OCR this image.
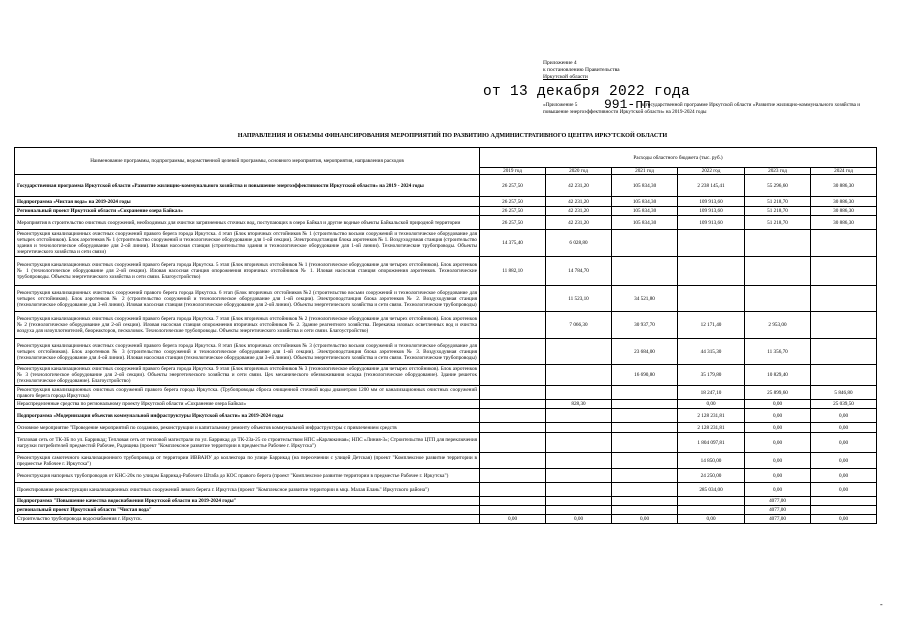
Приложение 4
к постановлению Правительства
Иркутской области
от 13 декабря 2022 года
991-пп
«Приложение 5	к государственной программе Иркутской области «Развитие жилищно-коммунального хозяйства и повышение энергоэффективности Иркутской области» на 2019-2024 годы
НАПРАВЛЕНИЯ И ОБЪЕМЫ ФИНАНСИРОВАНИЯ МЕРОПРИЯТИЙ ПО РАЗВИТИЮ АДМИНИСТРАТИВНОГО ЦЕНТРА ИРКУТСКОЙ ОБЛАСТИ
Наименование программы, подпрограммы, ведомственной целевой программы, основного мероприятия, мероприятия, направления расходов	Расходы областного бюджета (тыс. руб.)					
	2019 год	2020 год	2021 год	2022 год	2023 год	2024 год
Государственная программа Иркутской области «Развитие жилищно-коммунального хозяйства и повышение энергоэффективности Иркутской области» на 2019 - 2024 годы	26 257,50	42 231,20	105 834,30	2 238 145,41	55 296,60	30 886,30
Подпрограмма «Чистая вода» на 2019-2024 годы	26 257,50	42 231,20	105 834,30	109 913,60	51 218,70	30 886,30
Региональный проект Иркутской области «Сохранение озера Байкал»	26 257,50	42 231,20	105 834,30	109 913,60	51 218,70	30 886,30
Мероприятия в строительство очистных сооружений, необходимых для очистки загрязненных сточных вод, поступающих в озеро Байкал и другие водные объекты Байкальской природной территории	26 257,50	42 231,20	105 834,30	109 913,60	51 218,70	30 886,30
Реконструкция канализационных очистных сооружений правого берега города Иркутска. 4 этап (Блок вторичных отстойников № 1 (строительство восьми сооружений и технологическое оборудование для четырех отстойников). Блок аэротенков № 1 (строительство сооружений и технологическое оборудование для 1-ой секции). Электроподстанция блока аэротенков № 1. Воздуходувная станция (строительство здания и технологическое оборудование для 2-ой линии). Иловая насосная станция (строительство здания и технологическое оборудование для 1-ой линии). Технологические трубопроводы. Объекты энергетического хозяйства и сети связи)	14 375,40	6 028,80				
Реконструкция канализационных очистных сооружений правого берега города Иркутска. 5 этап (Блок вторичных отстойников № 1 (технологическое оборудование для четырех отстойников). Блок аэротенков № 1 (технологическое оборудование для 2-ой секции). Иловая насосная станция опорожнения вторичных отстойников № 1. Иловая насосная станция опорожнения аэротенков. Технологические трубопроводы. Объекты энергетического хозяйства и сети связи. Благоустройство)	11 882,10	14 784,70				
Реконструкция канализационных очистных сооружений правого берега города Иркутска. 6 этап (Блок вторичных отстойников №2 (строительство восьми сооружений и технологическое оборудование для четырех отстойников). Блок аэротенков № 2 (строительство сооружений и технологическое оборудование для 1-ой секции). Электроподстанция блока аэротенков № 2. Воздуходувная станция (технологическое оборудование для 3-ей линии). Иловая насосная станция (технологическое оборудование для 2-ой линии). Объекты энергетического хозяйства и сети связи. Технологические трубопроводы)		11 523,10	34 521,80			
Реконструкция канализационных очистных сооружений правого берега города Иркутска. 7 этап (Блок вторичных отстойников № 2 (технологическое оборудование для четырех отстойников). Блок аэротенков № 2 (технологическое оборудование для 2-ой секции). Иловая насосная станция опорожнения вторичных отстойников № 2. Здание реагентного хозяйства. Перекачка иловых осветленных вод и очистка воздуха для илоуплотнителей, биореакторов, песколовок. Технологические трубопроводы. Объекты энергетического хозяйства и сети связи. Благоустройство)		7 066,30	30 937,70	12 171,40	2 953,00	
Реконструкция канализационных очистных сооружений правого берега города Иркутска. 8 этап (Блок вторичных отстойников № 3 (строительство восьми сооружений и технологическое оборудование для четырех отстойников). Блок аэротенков № 3 (строительство сооружений и технологическое оборудование для 1-ой секции). Электроподстанция блока аэротенков № 3. Воздуходувная станция (технологическое оборудование для 4-ой линии). Иловая насосная станция (технологическое оборудование для 3-ей линии). Объекты энергетического хозяйства и сети связи. Технологические трубопроводы)			23 684,00	44 315,30	11 356,70	
Реконструкция канализационных очистных сооружений правого берега города Иркутска. 9 этап (Блок вторичных отстойников № 3 (технологическое оборудование для четырех отстойников). Блок аэротенков № 3 (технологическое оборудование для 2-ой секции). Объекты энергетического хозяйства и сети связи. Цех механического обезвоживания осадка (технологическое оборудование). Здание решеток (технологическое оборудование). Благоустройство)			16 690,80	35 179,80	10 829,40	
Реконструкция канализационных очистных сооружений правого берега города Иркутска. (Трубопроводы сброса очищенной сточной воды диаметром 1200 мм от канализационных очистных сооружений правого берега города Иркутска)				18 247,10	25 899,60	5 846,80
Нераспределенные средства по региональному проекту Иркутской области «Сохранение озера Байкал»		828,30		0,00	0,00	25 039,50
Подпрограмма «Модернизация объектов коммунальной инфраструктуры Иркутской области» на 2019-2024 годы				2 128 231,81	0,00	0,00
Основное мероприятие "Проведение мероприятий по созданию, реконструкции и капитальному ремонту объектов коммунальной инфраструктуры с привлечением средств				2 128 231,81	0,00	0,00
Тепловая сеть от ТК-3Б по ул. Баррикад; Тепловая сеть от тепловой магистрали по ул. Баррикад до ТК-23а-25 со строительством НПС «Карлюкиная»; НПС «Линия-3»; Строительство ЦТП для переключения нагрузки потребителей предместий Рабочее, Радищева (проект "Комплексное развитие территории в предместье Рабочее г. Иркутска")				1 804 097,81	0,00	0,00
Реконструкция самотечного канализационного трубопровода от территории ИВВАИУ до коллектора по улице Баррикад (на пересечении с улицей Детская) (проект "Комплексное развитие территории в предместье Рабочее г. Иркутска")				14 850,00	0,00	0,00
Реконструкция напорных трубопроводов от КНС-20к по улицам Баррикад-Рабочего Штаба до КОС правого берега (проект "Комплексное развитие территории в предместье Рабочее г. Иркутска")				24 250,00	0,00	0,00
Проектирование реконструкции канализационных очистных сооружений левого берега г. Иркутска (проект "Комплексное развитие территории в мкр. Малая Елань" Иркутского района")				285 034,00	0,00	0,00
Подпрограмма "Повышение качества водоснабжения Иркутской области на 2019-2024 годы"					4077,00	
региональный проект Иркутской области "Чистая вода"					4077,00	
Строительство трубопровода водоснабжения г. Иркутск.	0,00	0,00	0,00	0,00	4077,00	0,00
-
